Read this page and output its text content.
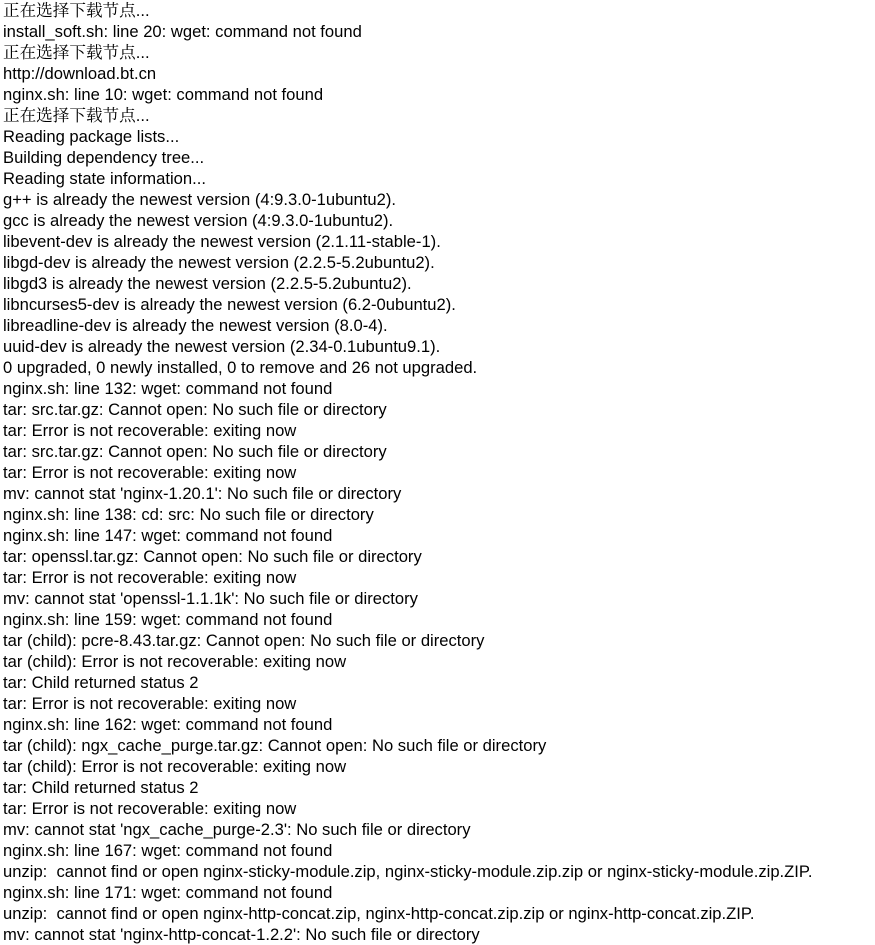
正在选择下载节点...
install_soft.sh: line 20: wget: command not found
正在选择下载节点...
http://download.bt.cn
nginx.sh: line 10: wget: command not found
正在选择下载节点...
Reading package lists...
Building dependency tree...
Reading state information...
g++ is already the newest version (4:9.3.0-1ubuntu2).
gcc is already the newest version (4:9.3.0-1ubuntu2).
libevent-dev is already the newest version (2.1.11-stable-1).
libgd-dev is already the newest version (2.2.5-5.2ubuntu2).
libgd3 is already the newest version (2.2.5-5.2ubuntu2).
libncurses5-dev is already the newest version (6.2-0ubuntu2).
libreadline-dev is already the newest version (8.0-4).
uuid-dev is already the newest version (2.34-0.1ubuntu9.1).
0 upgraded, 0 newly installed, 0 to remove and 26 not upgraded.
nginx.sh: line 132: wget: command not found
tar: src.tar.gz: Cannot open: No such file or directory
tar: Error is not recoverable: exiting now
tar: src.tar.gz: Cannot open: No such file or directory
tar: Error is not recoverable: exiting now
mv: cannot stat 'nginx-1.20.1': No such file or directory
nginx.sh: line 138: cd: src: No such file or directory
nginx.sh: line 147: wget: command not found
tar: openssl.tar.gz: Cannot open: No such file or directory
tar: Error is not recoverable: exiting now
mv: cannot stat 'openssl-1.1.1k': No such file or directory
nginx.sh: line 159: wget: command not found
tar (child): pcre-8.43.tar.gz: Cannot open: No such file or directory
tar (child): Error is not recoverable: exiting now
tar: Child returned status 2
tar: Error is not recoverable: exiting now
nginx.sh: line 162: wget: command not found
tar (child): ngx_cache_purge.tar.gz: Cannot open: No such file or directory
tar (child): Error is not recoverable: exiting now
tar: Child returned status 2
tar: Error is not recoverable: exiting now
mv: cannot stat 'ngx_cache_purge-2.3': No such file or directory
nginx.sh: line 167: wget: command not found
unzip:  cannot find or open nginx-sticky-module.zip, nginx-sticky-module.zip.zip or nginx-sticky-module.zip.ZIP.
nginx.sh: line 171: wget: command not found
unzip:  cannot find or open nginx-http-concat.zip, nginx-http-concat.zip.zip or nginx-http-concat.zip.ZIP.
mv: cannot stat 'nginx-http-concat-1.2.2': No such file or directory
